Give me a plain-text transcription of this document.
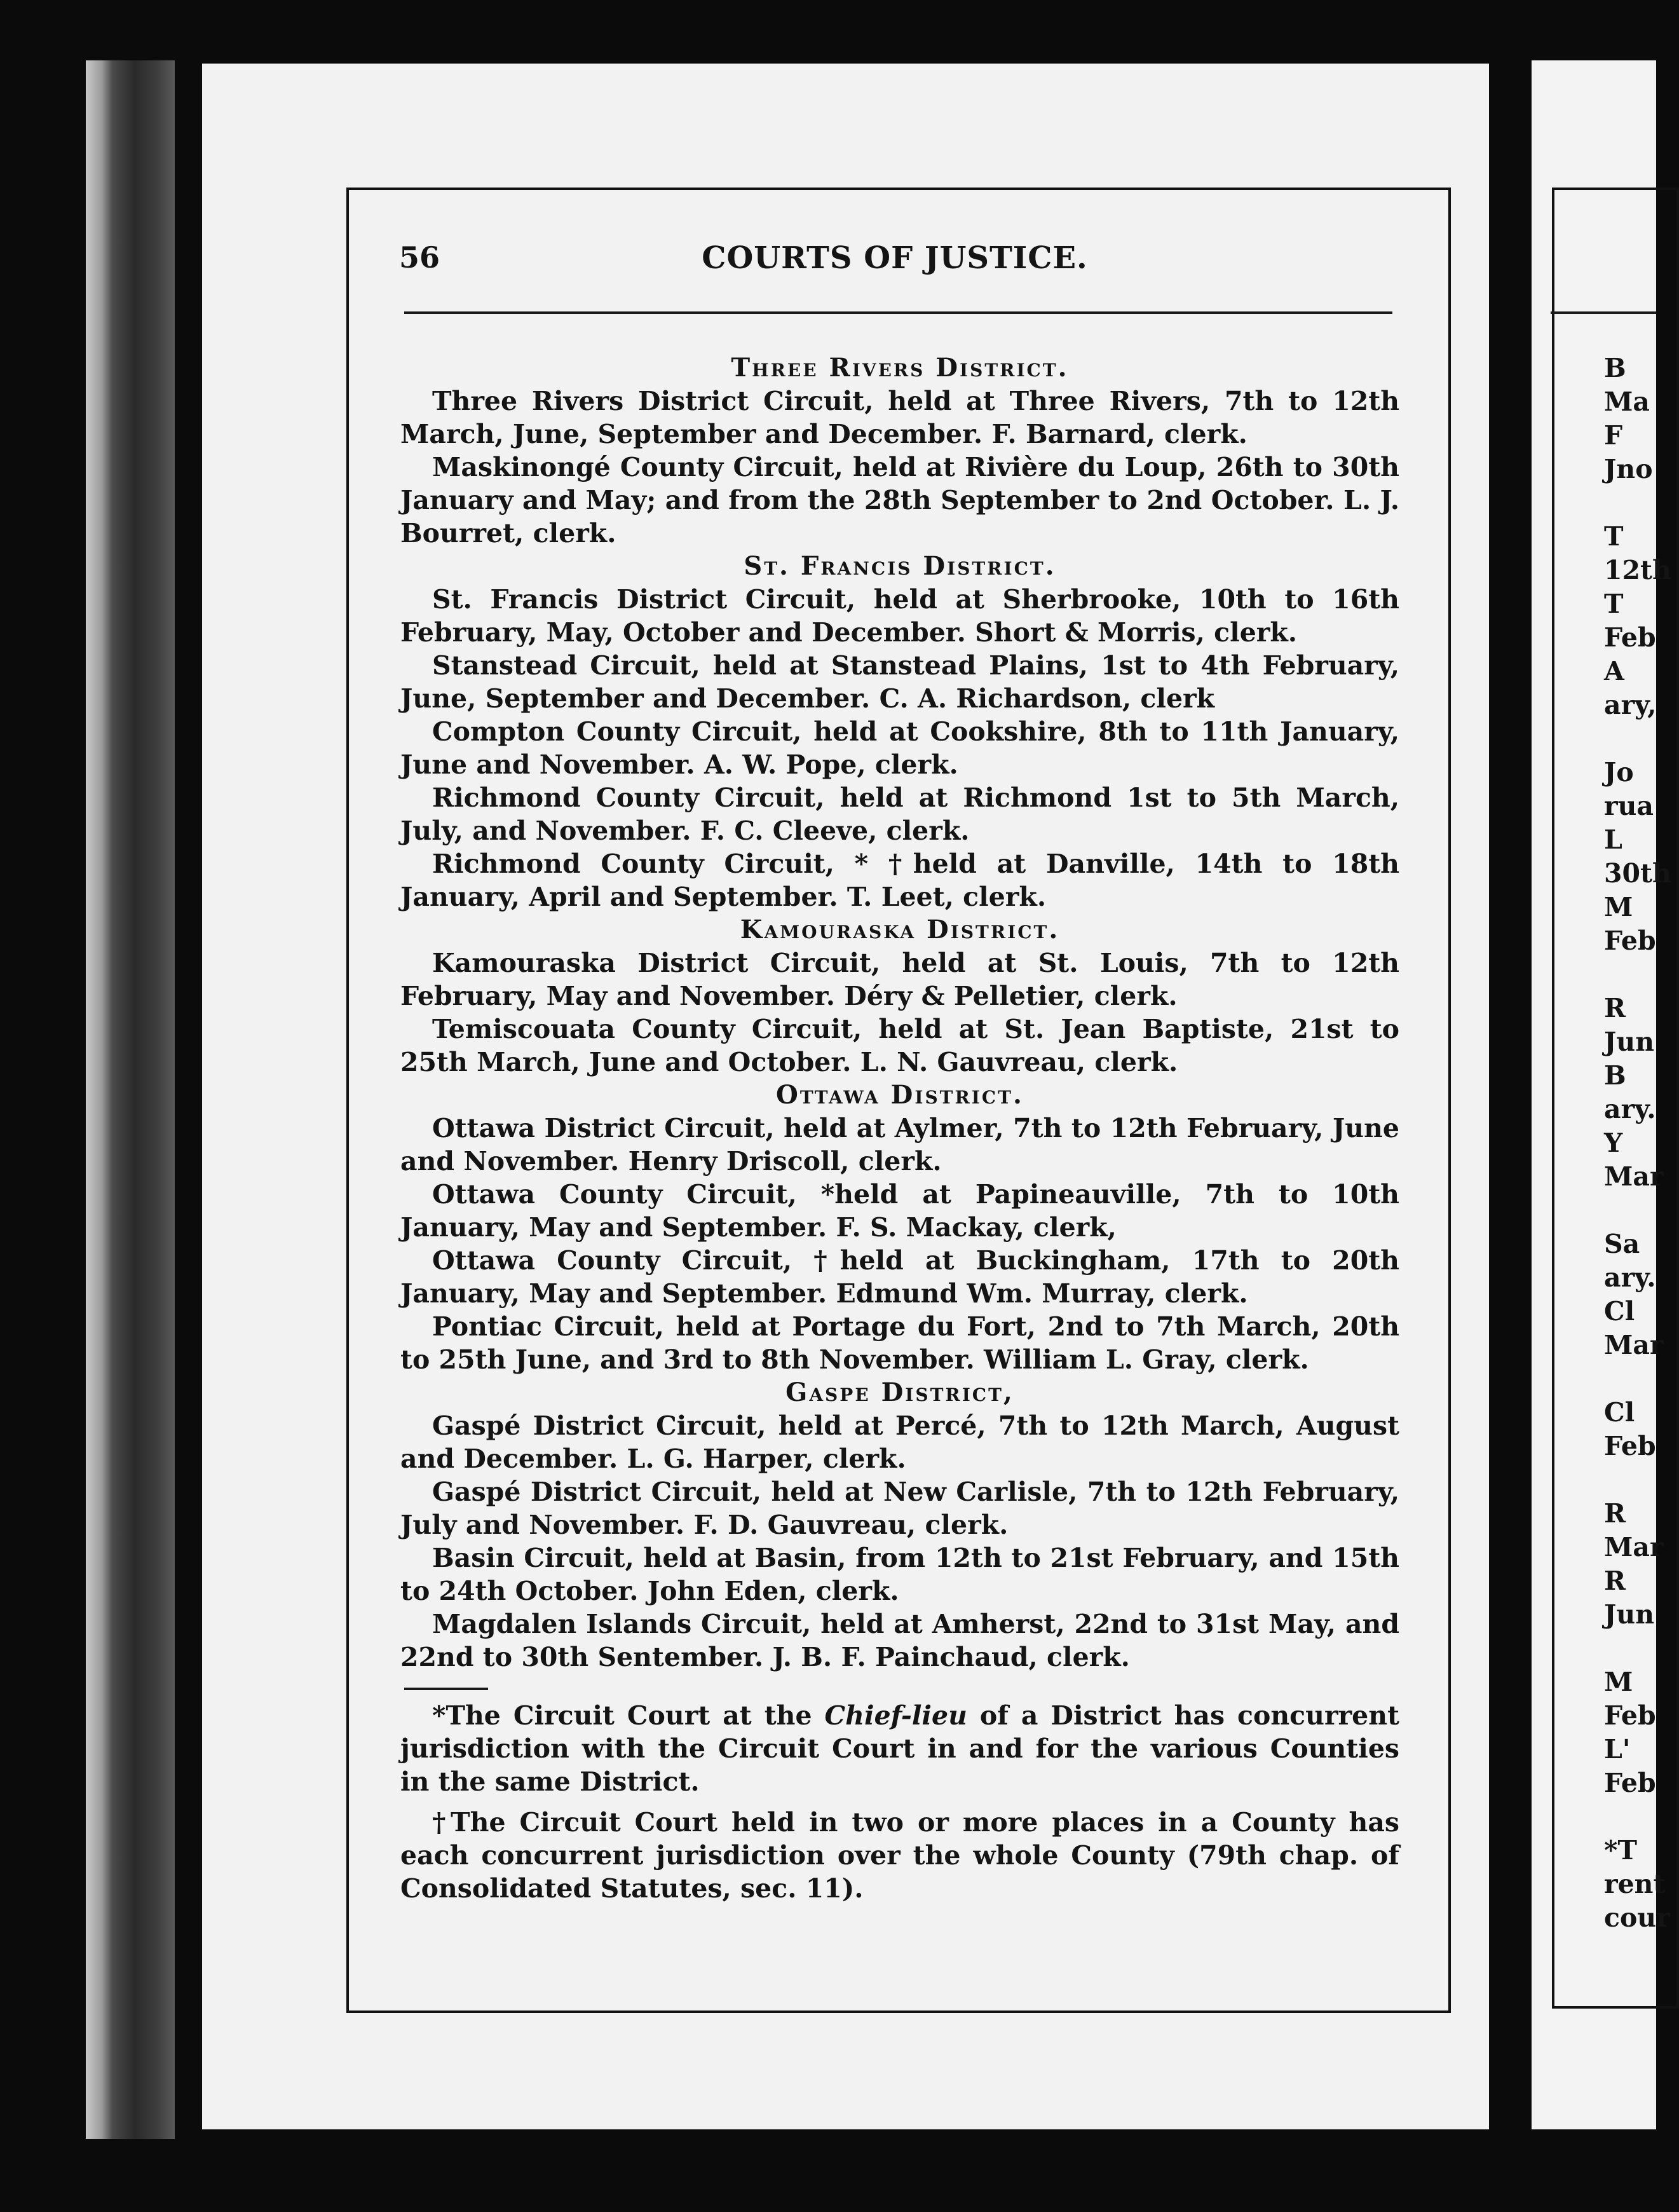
56	COURTS OF JUSTICE.

Three Rivers District.

Three Rivers District Circuit, held at Three Rivers, 7th to 12th March, June, September and December. F. Barnard, clerk.

Maskinongé County Circuit, held at Rivière du Loup, 26th to 30th January and May; and from the 28th September to 2nd October. L. J. Bourret, clerk.

St. Francis District.

St. Francis District Circuit, held at Sherbrooke, 10th to 16th February, May, October and December. Short & Morris, clerk.

Stanstead Circuit, held at Stanstead Plains, 1st to 4th February, June, September and December. C. A. Richardson, clerk

Compton County Circuit, held at Cookshire, 8th to 11th January, June and November. A. W. Pope, clerk.

Richmond County Circuit, held at Richmond 1st to 5th March, July, and November. F. C. Cleeve, clerk.

Richmond County Circuit, * †held at Danville, 14th to 18th January, April and September. T. Leet, clerk.

Kamouraska District.

Kamouraska District Circuit, held at St. Louis, 7th to 12th February, May and November. Déry & Pelletier, clerk.

Temiscouata County Circuit, held at St. Jean Baptiste, 21st to 25th March, June and October. L. N. Gauvreau, clerk.

Ottawa District.

Ottawa District Circuit, held at Aylmer, 7th to 12th February, June and November. Henry Driscoll, clerk.

Ottawa County Circuit, *held at Papineauville, 7th to 10th January, May and September. F. S. Mackay, clerk,

Ottawa County Circuit, †held at Buckingham, 17th to 20th January, May and September. Edmund Wm. Murray, clerk.

Pontiac Circuit, held at Portage du Fort, 2nd to 7th March, 20th to 25th June, and 3rd to 8th November. William L. Gray, clerk.

Gaspe District,

Gaspé District Circuit, held at Percé, 7th to 12th March, August and December. L. G. Harper, clerk.

Gaspé District Circuit, held at New Carlisle, 7th to 12th February, July and November. F. D. Gauvreau, clerk.

Basin Circuit, held at Basin, from 12th to 21st February, and 15th to 24th October. John Eden, clerk.

Magdalen Islands Circuit, held at Amherst, 22nd to 31st May, and 22nd to 30th Sentember. J. B. F. Painchaud, clerk.

*The Circuit Court at the Chief-lieu of a District has concurrent jurisdiction with the Circuit Court in and for the various Counties in the same District.

†The Circuit Court held in two or more places in a County has each concurrent jurisdiction over the whole County (79th chap. of Consolidated Statutes, sec. 11).

B
Ma
F
Jno
T
12th
T
Feb
A
ary,
Jo
rua
L
30th
M
Feb
R
Jun
B
ary.
Y
Mar
Sa
ary.
Cl
Mar
Cl
Feb
R
Mar
R
Jun
M
Feb
L'
Feb
*T
rent
cour
